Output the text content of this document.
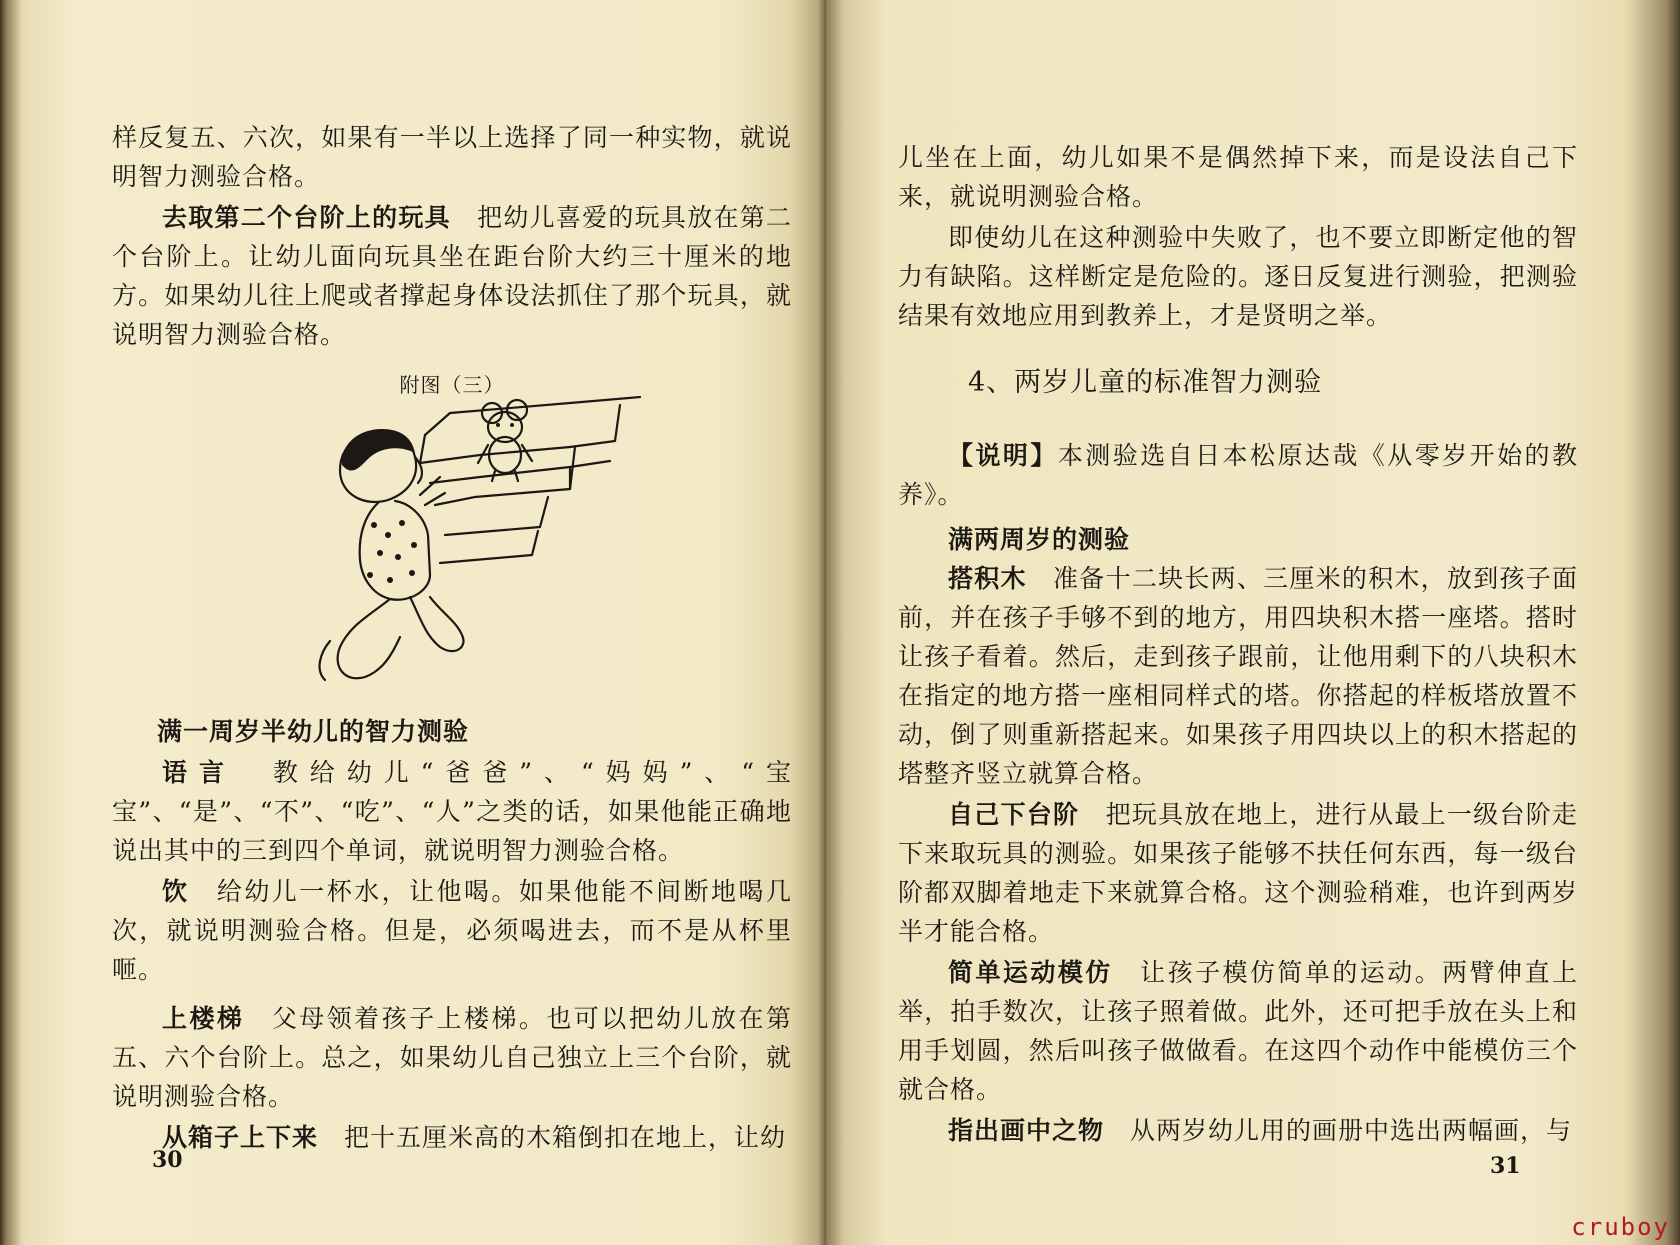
样反复五、六次，如果有一半以上选择了同一种实物，就说明智力测验合格。

去取第二个台阶上的玩具　 把幼儿喜爱的玩具放在第二个台阶上。让幼儿面向玩具坐在距台阶大约三十厘米的地方。如果幼儿往上爬或者撑起身体设法抓住了那个玩具，就说明智力测验合格。

附图（三）

满一周岁半幼儿的智力测验

语言　 教给幼儿“爸爸”、“妈妈”、“宝宝”、“是”、“不”、“吃”、“人”之类的话，如果他能正确地说出其中的三到四个单词，就说明智力测验合格。

饮　 给幼儿一杯水，让他喝。如果他能不间断地喝几次，就说明测验合格。但是，必须喝进去，而不是从杯里咂。

上楼梯　 父母领着孩子上楼梯。也可以把幼儿放在第五、六个台阶上。总之，如果幼儿自己独立上三个台阶，就说明测验合格。

从箱子上下来　 把十五厘米高的木箱倒扣在地上，让幼

30

儿坐在上面，幼儿如果不是偶然掉下来，而是设法自己下来，就说明测验合格。

即使幼儿在这种测验中失败了，也不要立即断定他的智力有缺陷。这样断定是危险的。逐日反复进行测验，把测验结果有效地应用到教养上，才是贤明之举。

4、两岁儿童的标准智力测验

【说明】本测验选自日本松原达哉《从零岁开始的教养》。

满两周岁的测验

搭积木　 准备十二块长两、三厘米的积木，放到孩子面前，并在孩子手够不到的地方，用四块积木搭一座塔。搭时让孩子看着。然后，走到孩子跟前，让他用剩下的八块积木在指定的地方搭一座相同样式的塔。你搭起的样板塔放置不动，倒了则重新搭起来。如果孩子用四块以上的积木搭起的塔整齐竖立就算合格。

自己下台阶　 把玩具放在地上，进行从最上一级台阶走下来取玩具的测验。如果孩子能够不扶任何东西，每一级台阶都双脚着地走下来就算合格。这个测验稍难，也许到两岁半才能合格。

简单运动模仿　 让孩子模仿简单的运动。两臂伸直上举，拍手数次，让孩子照着做。此外，还可把手放在头上和用手划圆，然后叫孩子做做看。在这四个动作中能模仿三个就合格。

指出画中之物　 从两岁幼儿用的画册中选出两幅画，与

31
cruboy
